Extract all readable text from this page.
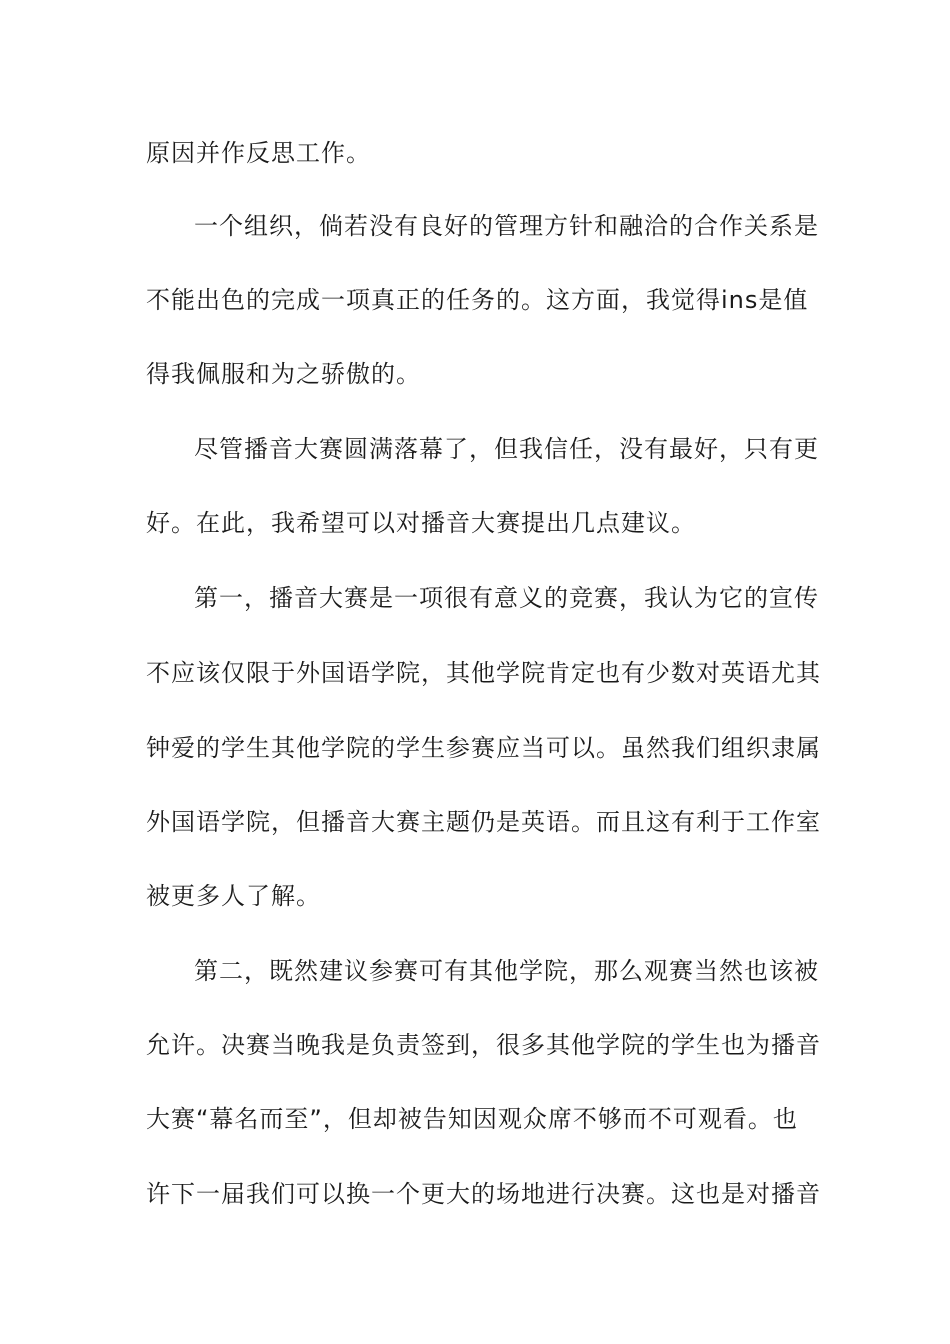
原因并作反思工作。
一个组织，倘若没有良好的管理方针和融洽的合作关系是
不能出色的完成一项真正的任务的。这方面，我觉得ins是值
得我佩服和为之骄傲的。
尽管播音大赛圆满落幕了，但我信任，没有最好，只有更
好。在此，我希望可以对播音大赛提出几点建议。
第一，播音大赛是一项很有意义的竞赛，我认为它的宣传
不应该仅限于外国语学院，其他学院肯定也有少数对英语尤其
钟爱的学生其他学院的学生参赛应当可以。虽然我们组织隶属
外国语学院，但播音大赛主题仍是英语。而且这有利于工作室
被更多人了解。
第二，既然建议参赛可有其他学院，那么观赛当然也该被
允许。决赛当晚我是负责签到，很多其他学院的学生也为播音
大赛“幕名而至”，但却被告知因观众席不够而不可观看。也
许下一届我们可以换一个更大的场地进行决赛。这也是对播音
